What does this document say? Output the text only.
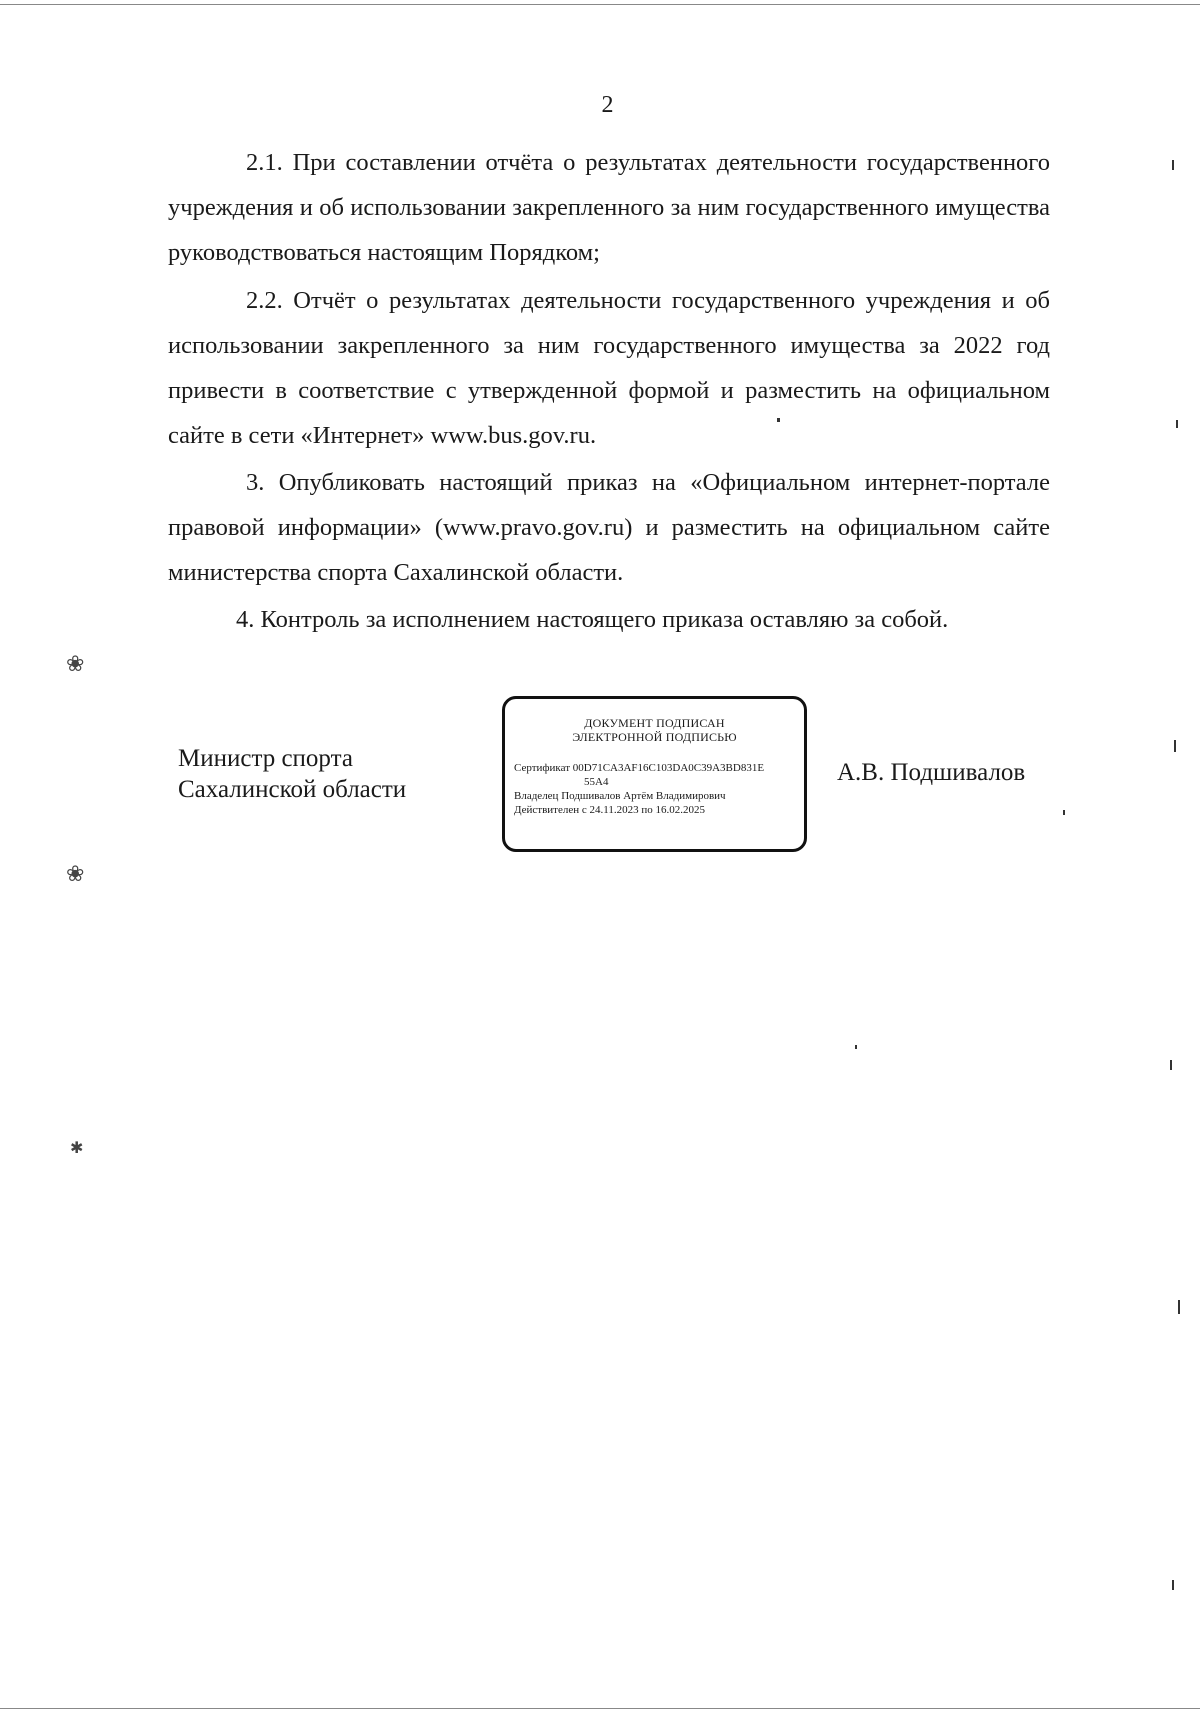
2

2.1. При составлении отчёта о результатах деятельности государственного учреждения и об использовании закрепленного за ним государственного имущества руководствоваться настоящим Порядком;

2.2. Отчёт о результатах деятельности государственного учреждения и об использовании закрепленного за ним государственного имущества за 2022 год привести в соответствие с утвержденной формой и разместить на официальном сайте в сети «Интернет» www.bus.gov.ru.

3. Опубликовать настоящий приказ на «Официальном интернет-портале правовой информации» (www.pravo.gov.ru) и разместить на официальном сайте министерства спорта Сахалинской области.

4. Контроль за исполнением настоящего приказа оставляю за собой.

Министр спорта
Сахалинской области
ДОКУМЕНТ ПОДПИСАН
ЭЛЕКТРОННОЙ ПОДПИСЬЮ
Сертификат 00D71CA3AF16C103DA0C39A3BD831E
55A4
Владелец Подшивалов Артём Владимирович
Действителен с 24.11.2023 по 16.02.2025
А.В. Подшивалов
❀
❀
✱
